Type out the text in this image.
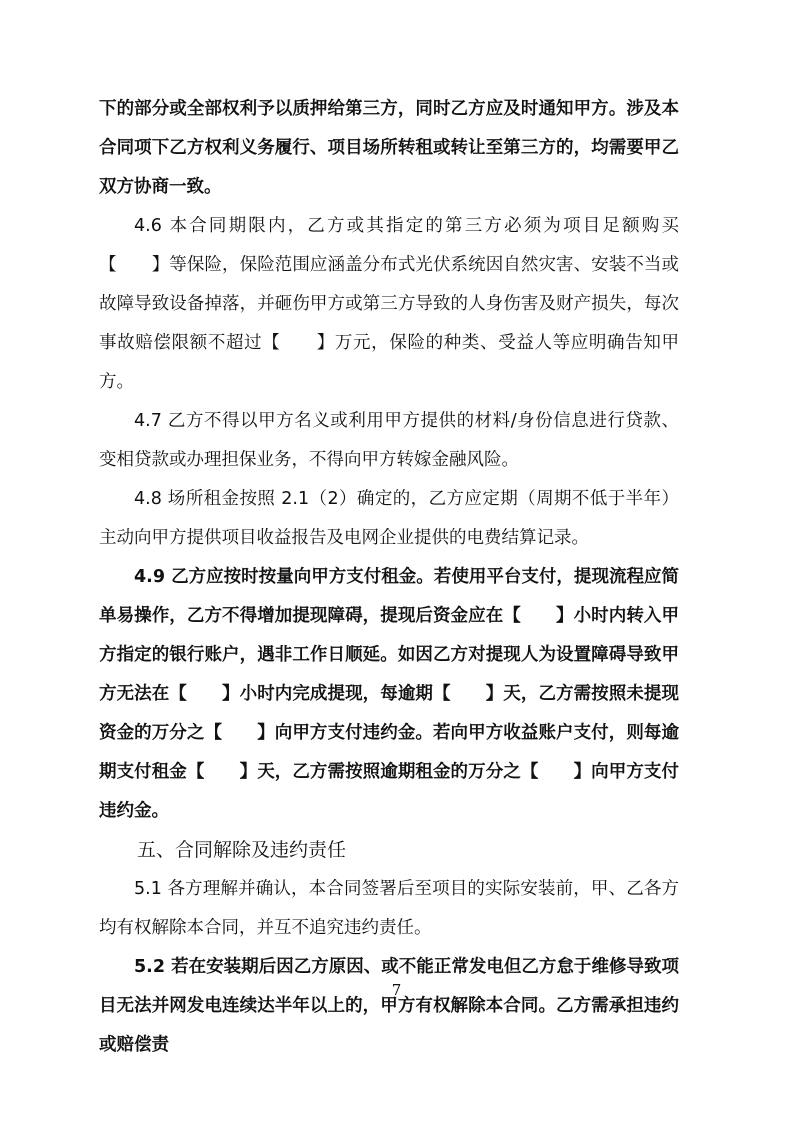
下的部分或全部权利予以质押给第三方，同时乙方应及时通知甲方。涉及本合同项下乙方权利义务履行、项目场所转租或转让至第三方的，均需要甲乙双方协商一致。

4.6 本合同期限内，乙方或其指定的第三方必须为项目足额购买【　　】等保险，保险范围应涵盖分布式光伏系统因自然灾害、安装不当或故障导致设备掉落，并砸伤甲方或第三方导致的人身伤害及财产损失，每次事故赔偿限额不超过【　　】万元，保险的种类、受益人等应明确告知甲方。

4.7 乙方不得以甲方名义或利用甲方提供的材料/身份信息进行贷款、变相贷款或办理担保业务，不得向甲方转嫁金融风险。

4.8 场所租金按照 2.1（2）确定的，乙方应定期（周期不低于半年）主动向甲方提供项目收益报告及电网企业提供的电费结算记录。

4.9 乙方应按时按量向甲方支付租金。若使用平台支付，提现流程应简单易操作，乙方不得增加提现障碍，提现后资金应在【　　】小时内转入甲方指定的银行账户，遇非工作日顺延。如因乙方对提现人为设置障碍导致甲方无法在【　　】小时内完成提现，每逾期【　　】天，乙方需按照未提现资金的万分之【　　】向甲方支付违约金。若向甲方收益账户支付，则每逾期支付租金【　　】天，乙方需按照逾期租金的万分之【　　】向甲方支付违约金。

五、合同解除及违约责任

5.1 各方理解并确认，本合同签署后至项目的实际安装前，甲、乙各方均有权解除本合同，并互不追究违约责任。

5.2 若在安装期后因乙方原因、或不能正常发电但乙方怠于维修导致项目无法并网发电连续达半年以上的，甲方有权解除本合同。乙方需承担违约或赔偿责

7
